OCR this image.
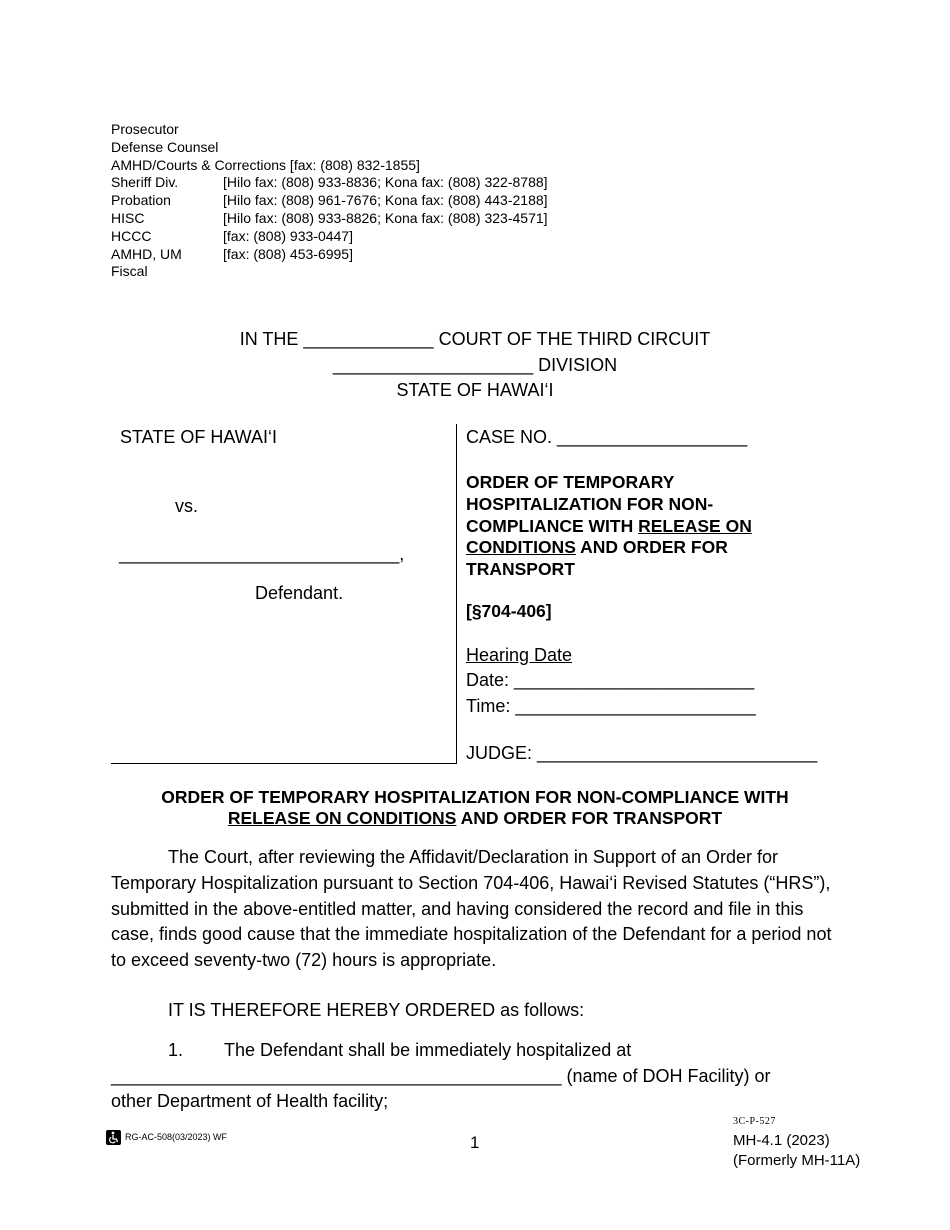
Prosecutor
Defense Counsel
AMHD/Courts & Corrections [fax: (808) 832-1855]
Sheriff Div.	[Hilo fax: (808) 933-8836; Kona fax: (808) 322-8788]
Probation	[Hilo fax: (808) 961-7676; Kona fax: (808) 443-2188]
HISC	[Hilo fax: (808) 933-8826; Kona fax: (808) 323-4571]
HCCC	[fax: (808) 933-0447]
AMHD, UM	[fax: (808) 453-6995]
Fiscal
IN THE _____________ COURT OF THE THIRD CIRCUIT
____________________ DIVISION
STATE OF HAWAI‘I
STATE OF HAWAI‘I
vs.
____________________________,
Defendant.
CASE NO. ___________________
ORDER OF TEMPORARY HOSPITALIZATION FOR NON-COMPLIANCE WITH RELEASE ON CONDITIONS AND ORDER FOR TRANSPORT
[§704-406]
Hearing Date
Date: ________________________
Time: ________________________
JUDGE: ____________________________
ORDER OF TEMPORARY HOSPITALIZATION FOR NON-COMPLIANCE WITH
RELEASE ON CONDITIONS AND ORDER FOR TRANSPORT
The Court, after reviewing the Affidavit/Declaration in Support of an Order for Temporary Hospitalization pursuant to Section 704-406, Hawai‘i Revised Statutes (“HRS”), submitted in the above-entitled matter, and having considered the record and file in this case, finds good cause that the immediate hospitalization of the Defendant for a period not to exceed seventy-two (72) hours is appropriate.
IT IS THEREFORE HEREBY ORDERED as follows:
1. The Defendant shall be immediately hospitalized at
_____________________________________________ (name of DOH Facility) or
other Department of Health facility;
RG-AC-508(03/2023) WF	1
3C-P-527
MH-4.1 (2023)
(Formerly MH-11A)
